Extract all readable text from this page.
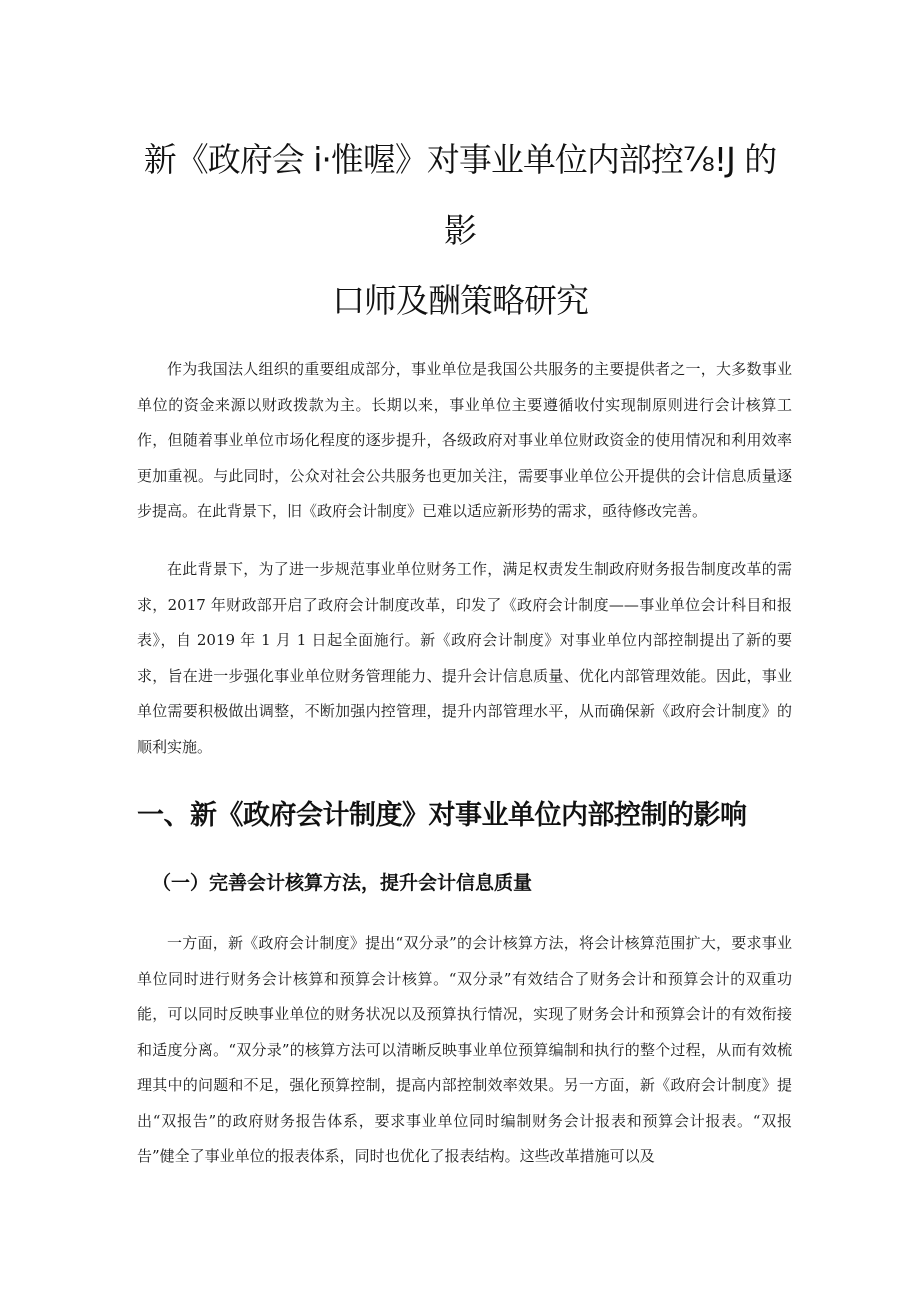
新《政府会 i·惟喔》对事业单位内部控⅞!J 的
影
口师及酬策略研究

作为我国法人组织的重要组成部分，事业单位是我国公共服务的主要提供者之一，大多数事业单位的资金来源以财政拨款为主。长期以来，事业单位主要遵循收付实现制原则进行会计核算工作，但随着事业单位市场化程度的逐步提升，各级政府对事业单位财政资金的使用情况和利用效率更加重视。与此同时，公众对社会公共服务也更加关注，需要事业单位公开提供的会计信息质量逐步提高。在此背景下，旧《政府会计制度》已难以适应新形势的需求，亟待修改完善。

在此背景下，为了进一步规范事业单位财务工作，满足权责发生制政府财务报告制度改革的需求，2017 年财政部开启了政府会计制度改革，印发了《政府会计制度——事业单位会计科目和报表》，自 2019 年 1 月 1 日起全面施行。新《政府会计制度》对事业单位内部控制提出了新的要求，旨在进一步强化事业单位财务管理能力、提升会计信息质量、优化内部管理效能。因此，事业单位需要积极做出调整，不断加强内控管理，提升内部管理水平，从而确保新《政府会计制度》的顺利实施。

一、新《政府会计制度》对事业单位内部控制的影响
（一）完善会计核算方法，提升会计信息质量

一方面，新《政府会计制度》提出“双分录”的会计核算方法，将会计核算范围扩大，要求事业单位同时进行财务会计核算和预算会计核算。“双分录”有效结合了财务会计和预算会计的双重功能，可以同时反映事业单位的财务状况以及预算执行情况，实现了财务会计和预算会计的有效衔接和适度分离。“双分录”的核算方法可以清晰反映事业单位预算编制和执行的整个过程，从而有效梳理其中的问题和不足，强化预算控制，提高内部控制效率效果。另一方面，新《政府会计制度》提出“双报告”的政府财务报告体系，要求事业单位同时编制财务会计报表和预算会计报表。“双报告”健全了事业单位的报表体系，同时也优化了报表结构。这些改革措施可以及
